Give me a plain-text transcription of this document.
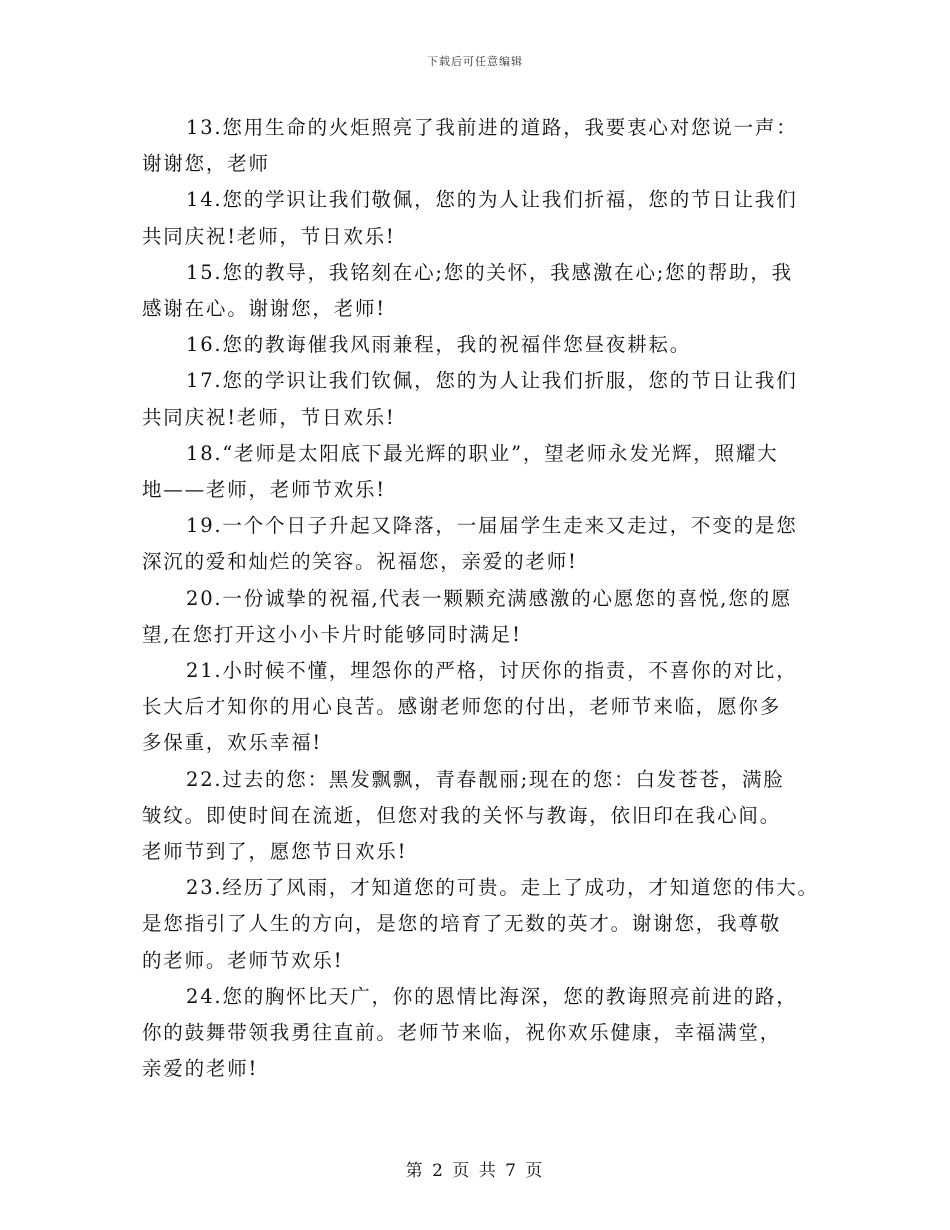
下载后可任意编辑
13.您用生命的火炬照亮了我前进的道路，我要衷心对您说一声：
谢谢您，老师
14.您的学识让我们敬佩，您的为人让我们折福，您的节日让我们
共同庆祝!老师，节日欢乐!
15.您的教导，我铭刻在心;您的关怀，我感激在心;您的帮助，我
感谢在心。谢谢您，老师!
16.您的教诲催我风雨兼程，我的祝福伴您昼夜耕耘。
17.您的学识让我们钦佩，您的为人让我们折服，您的节日让我们
共同庆祝!老师，节日欢乐!
18.“老师是太阳底下最光辉的职业”，望老师永发光辉，照耀大
地——老师，老师节欢乐!
19.一个个日子升起又降落，一届届学生走来又走过，不变的是您
深沉的爱和灿烂的笑容。祝福您，亲爱的老师!
20.一份诚挚的祝福,代表一颗颗充满感激的心愿您的喜悦,您的愿
望,在您打开这小小卡片时能够同时满足!
21.小时候不懂，埋怨你的严格，讨厌你的指责，不喜你的对比，
长大后才知你的用心良苦。感谢老师您的付出，老师节来临，愿你多
多保重，欢乐幸福!
22.过去的您：黑发飘飘，青春靓丽;现在的您：白发苍苍，满脸
皱纹。即使时间在流逝，但您对我的关怀与教诲，依旧印在我心间。
老师节到了，愿您节日欢乐!
23.经历了风雨，才知道您的可贵。走上了成功，才知道您的伟大。
是您指引了人生的方向，是您的培育了无数的英才。谢谢您，我尊敬
的老师。老师节欢乐!
24.您的胸怀比天广，你的恩情比海深，您的教诲照亮前进的路，
你的鼓舞带领我勇往直前。老师节来临，祝你欢乐健康，幸福满堂，
亲爱的老师!
第 2 页 共 7 页
